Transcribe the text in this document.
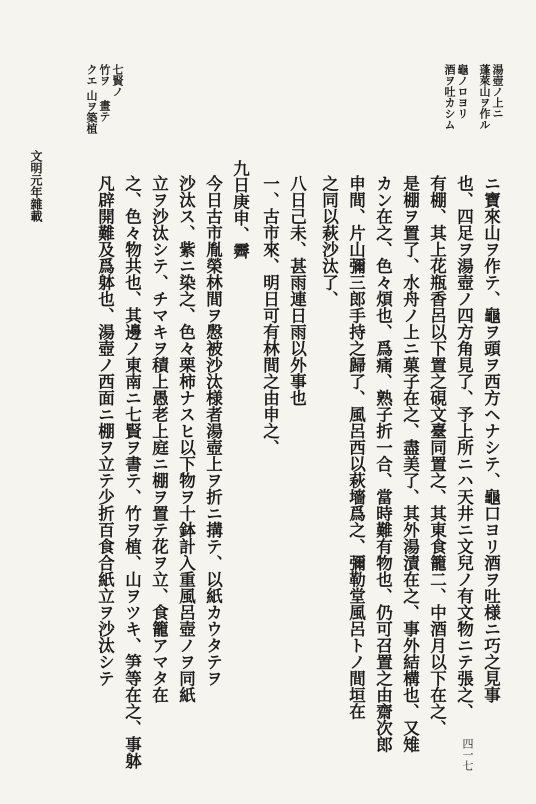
湯壺ノ上ニ
蓬萊山ヲ作ル
龜ノロヨリ
酒ヲ吐カシム
七賢ノ
竹ヲ
畫テ
クエ
山ヲ築植
文明元年雜載	ニ寶來山ヲ作テ、龜ヲ頭ヲ西方ヘナシテ、龜口ヨリ酒ヲ吐様ニ巧之見事
也、四足ヲ湯壺ノ四方角見了、予上所ニハ天井ニ文兒ノ有文物ニテ張之、
有棚、其上花瓶香呂以下置之硯文臺同置之、其東食籠二、中酒月以下在之、
是棚ヲ置了、水舟ノ上ニ菓子在之、盡美了、其外湯漬在之、事外結構也、又雉
カン在之、色々煩也、爲痛、熟子折一合、當時難有物也、仍可召置之由齋次郎
申間、片山彌三郎手持之歸了、風呂西以萩墻爲之、彌勒堂風呂トノ間垣在
之同以萩沙汰了、
八日己未、甚雨連日雨以外事也
一、古市來、明日可有林間之由申之、
九日庚申、霽
今日古市胤榮林間ヲ慇被沙汰様者湯壺上ヲ折ニ搆テ、以紙カウタテヲ
沙汰ス、紫ニ染之、色々栗柿ナスヒ以下物ヲ十鉢計入重風呂壺ノヲ同紙
立ヲ沙汰シテ、チマキヲ積上愚老上庭ニ棚ヲ置テ花ヲ立、食籠アマタ在
之、色々物共也、其邊ノ東南ニ七賢ヲ書テ、竹ヲ植、山ヲツキ、笋等在之、事躰
凡辟開難及爲躰也、湯壺ノ西面ニ棚ヲ立テ少折百食合紙立ヲ沙汰シテ
四一七
